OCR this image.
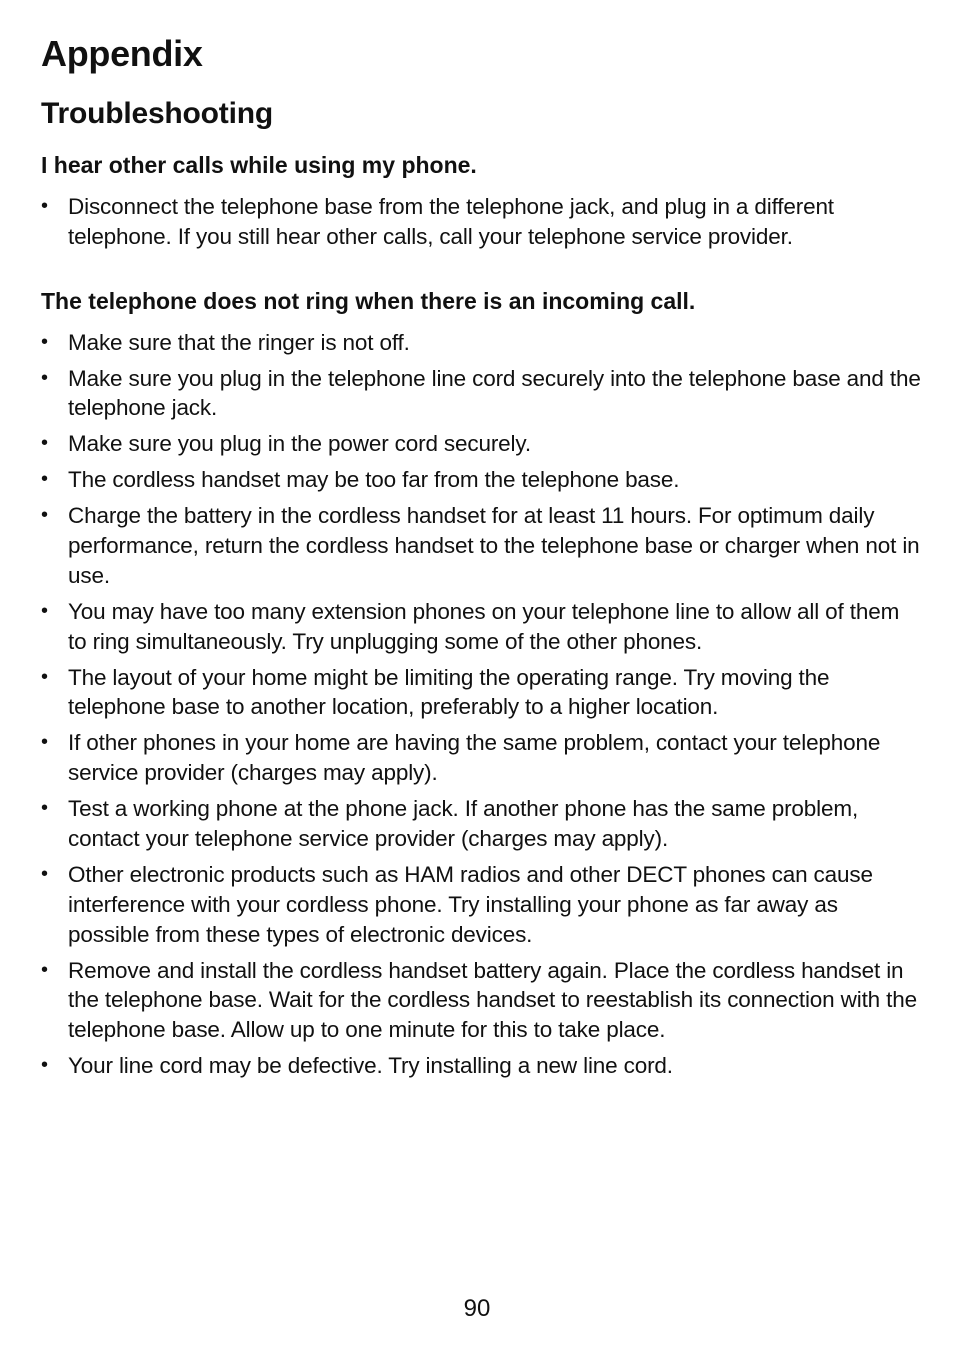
Appendix
Troubleshooting
I hear other calls while using my phone.
• Disconnect the telephone base from the telephone jack, and plug in a different telephone. If you still hear other calls, call your telephone service provider.
The telephone does not ring when there is an incoming call.
• Make sure that the ringer is not off.
• Make sure you plug in the telephone line cord securely into the telephone base and the telephone jack.
• Make sure you plug in the power cord securely.
• The cordless handset may be too far from the telephone base.
• Charge the battery in the cordless handset for at least 11 hours. For optimum daily performance, return the cordless handset to the telephone base or charger when not in use.
• You may have too many extension phones on your telephone line to allow all of them to ring simultaneously. Try unplugging some of the other phones.
• The layout of your home might be limiting the operating range. Try moving the telephone base to another location, preferably to a higher location.
• If other phones in your home are having the same problem, contact your telephone service provider (charges may apply).
• Test a working phone at the phone jack. If another phone has the same problem, contact your telephone service provider (charges may apply).
• Other electronic products such as HAM radios and other DECT phones can cause interference with your cordless phone. Try installing your phone as far away as possible from these types of electronic devices.
• Remove and install the cordless handset battery again. Place the cordless handset in the telephone base. Wait for the cordless handset to reestablish its connection with the telephone base. Allow up to one minute for this to take place.
• Your line cord may be defective. Try installing a new line cord.
90
